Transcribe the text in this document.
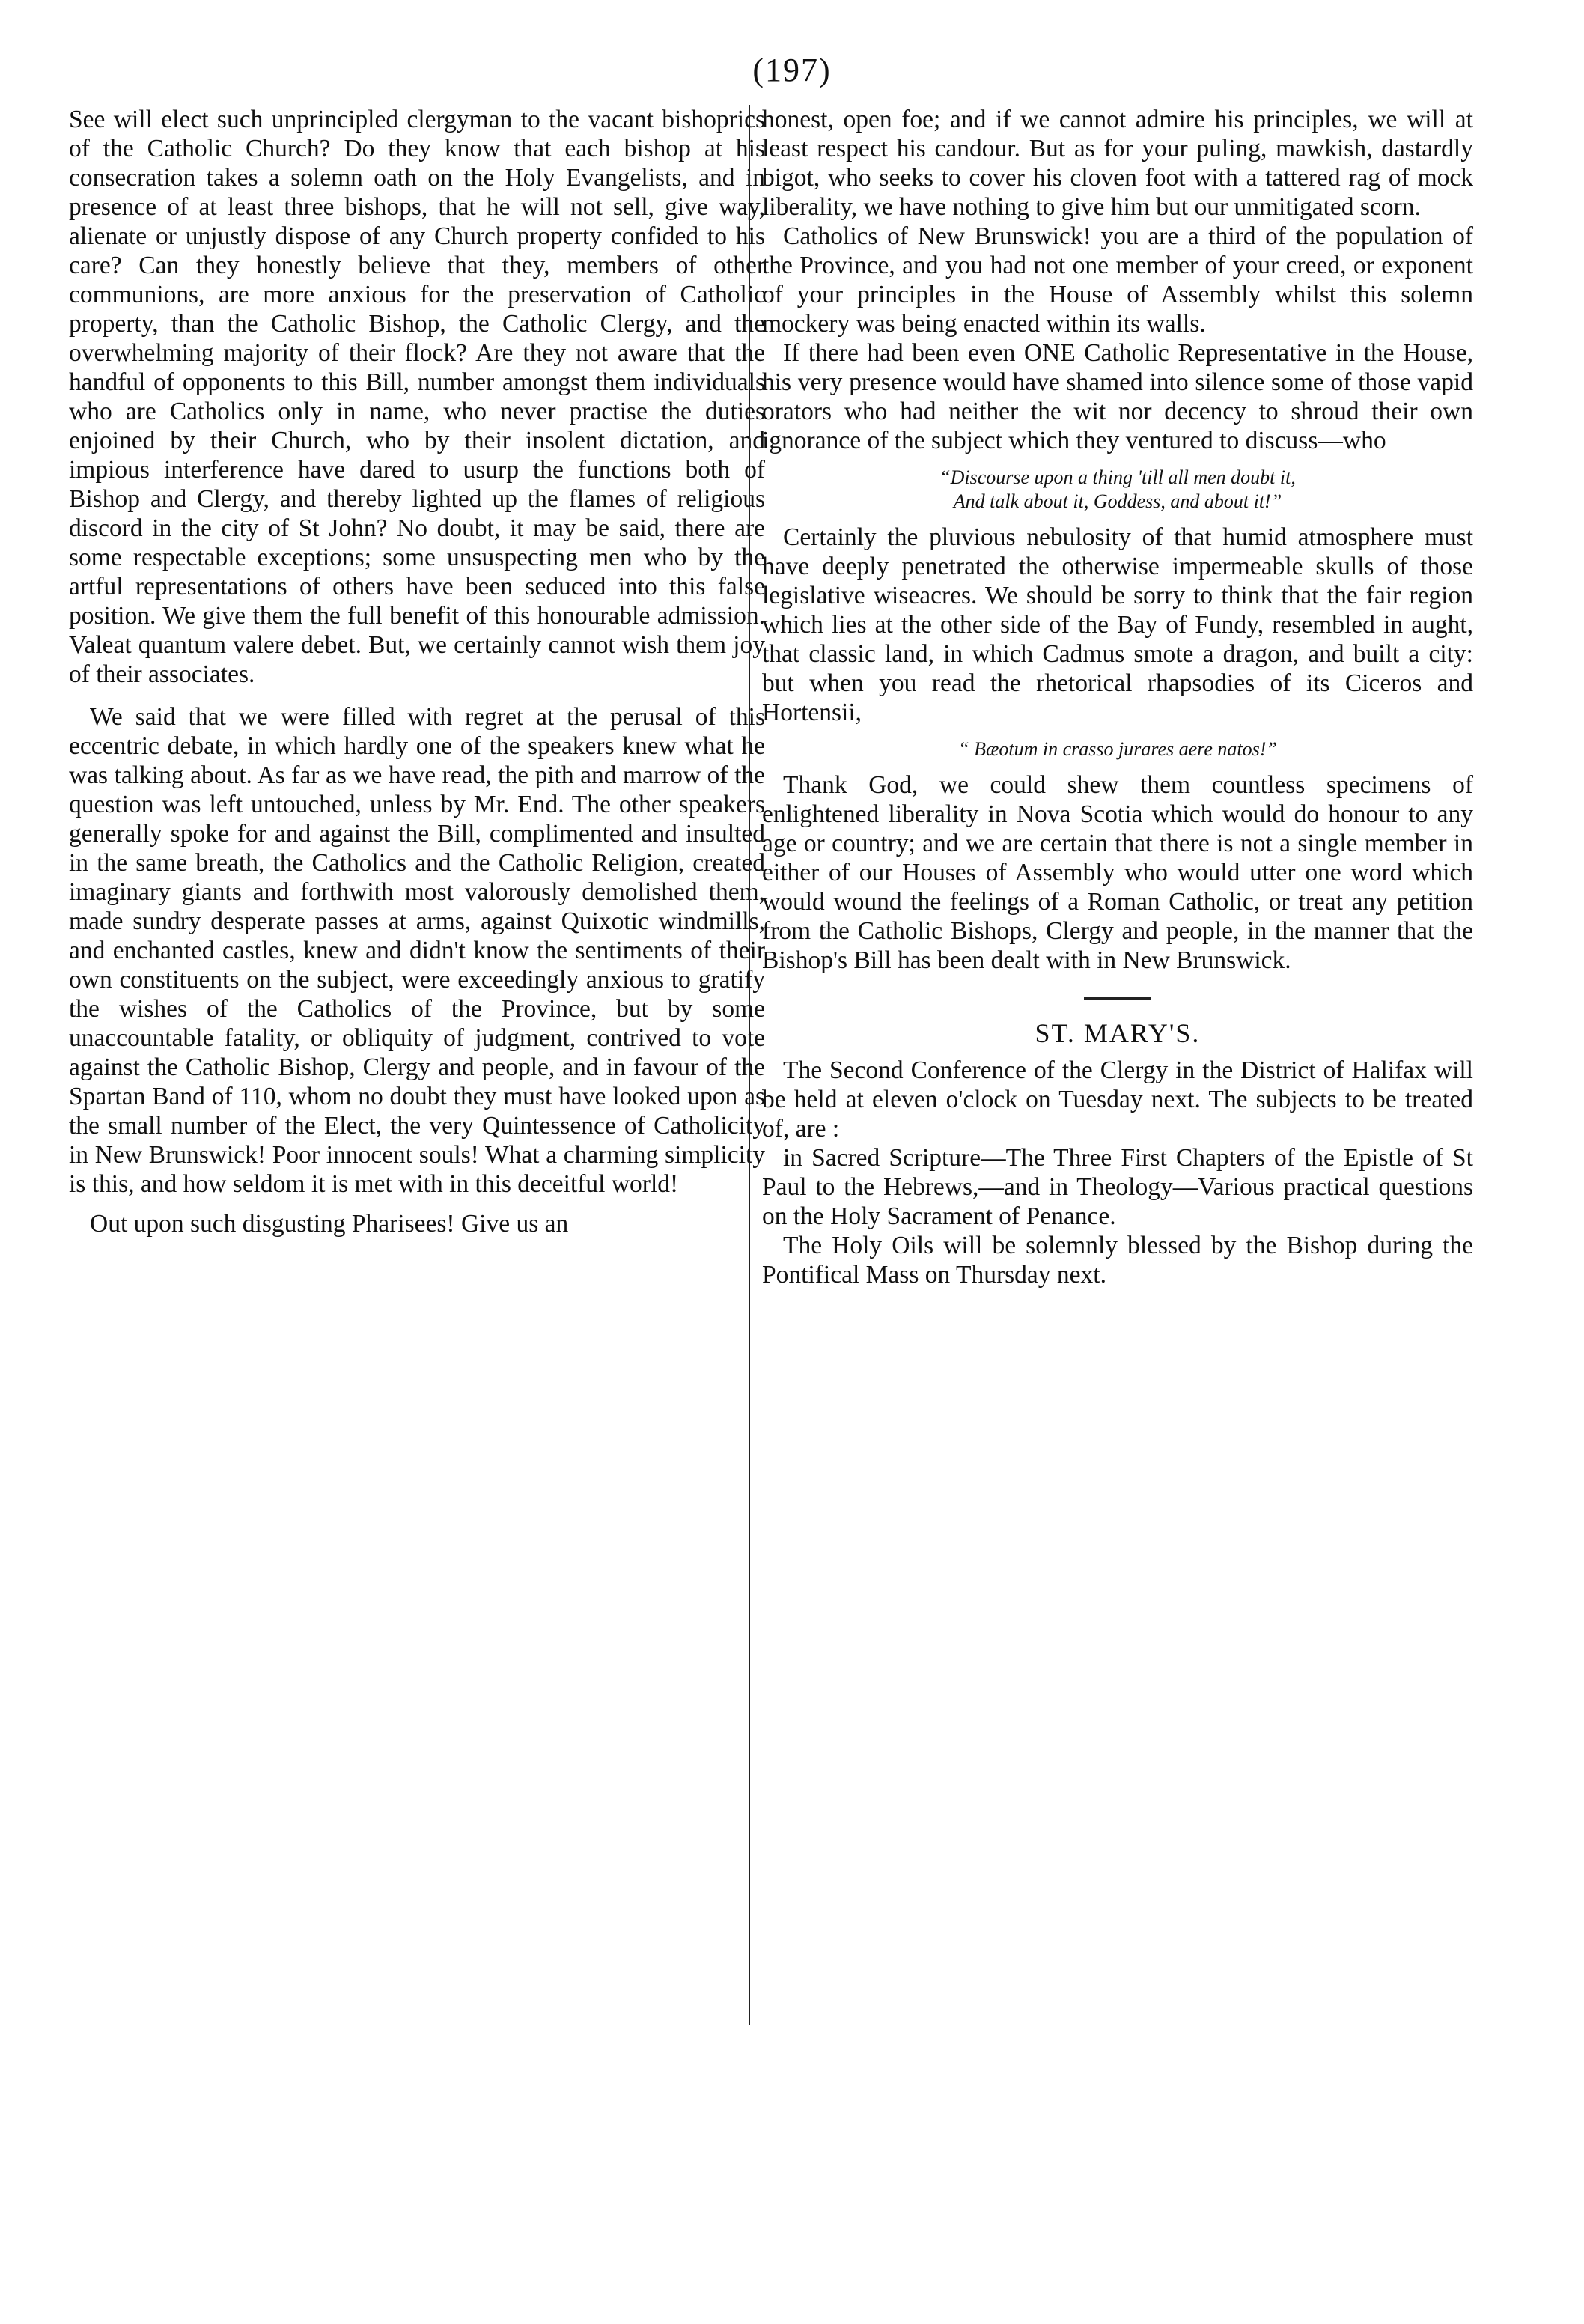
(197)

See will elect such unprincipled clergyman to the vacant bishoprics of the Catholic Church? Do they know that each bishop at his consecration takes a solemn oath on the Holy Evangelists, and in presence of at least three bishops, that he will not sell, give way, alienate or unjustly dispose of any Church property confided to his care? Can they honestly believe that they, members of other communions, are more anxious for the preservation of Catholic property, than the Catholic Bishop, the Catholic Clergy, and the overwhelming majority of their flock? Are they not aware that the handful of opponents to this Bill, number amongst them individuals who are Catholics only in name, who never practise the duties enjoined by their Church, who by their insolent dictation, and impious interference have dared to usurp the functions both of Bishop and Clergy, and thereby lighted up the flames of religious discord in the city of St John? No doubt, it may be said, there are some respectable exceptions; some unsuspecting men who by the artful representations of others have been seduced into this false position. We give them the full benefit of this honourable admission. Valeat quantum valere debet. But, we certainly cannot wish them joy of their associates.

We said that we were filled with regret at the perusal of this eccentric debate, in which hardly one of the speakers knew what he was talking about. As far as we have read, the pith and marrow of the question was left untouched, unless by Mr. End. The other speakers generally spoke for and against the Bill, complimented and insulted in the same breath, the Catholics and the Catholic Religion, created imaginary giants and forthwith most valorously demolished them, made sundry desperate passes at arms, against Quixotic windmills, and enchanted castles, knew and didn't know the sentiments of their own constituents on the subject, were exceedingly anxious to gratify the wishes of the Catholics of the Province, but by some unaccountable fatality, or obliquity of judgment, contrived to vote against the Catholic Bishop, Clergy and people, and in favour of the Spartan Band of 110, whom no doubt they must have looked upon as the small number of the Elect, the very Quintessence of Catholicity in New Brunswick! Poor innocent souls! What a charming simplicity is this, and how seldom it is met with in this deceitful world!

Out upon such disgusting Pharisees! Give us an

honest, open foe; and if we cannot admire his principles, we will at least respect his candour. But as for your puling, mawkish, dastardly bigot, who seeks to cover his cloven foot with a tattered rag of mock liberality, we have nothing to give him but our unmitigated scorn.

Catholics of New Brunswick! you are a third of the population of the Province, and you had not one member of your creed, or exponent of your principles in the House of Assembly whilst this solemn mockery was being enacted within its walls.

If there had been even ONE Catholic Representative in the House, his very presence would have shamed into silence some of those vapid orators who had neither the wit nor decency to shroud their own ignorance of the subject which they ventured to discuss—who

“Discourse upon a thing 'till all men doubt it,
And talk about it, Goddess, and about it!”

Certainly the pluvious nebulosity of that humid atmosphere must have deeply penetrated the otherwise impermeable skulls of those legislative wiseacres. We should be sorry to think that the fair region which lies at the other side of the Bay of Fundy, resembled in aught, that classic land, in which Cadmus smote a dragon, and built a city: but when you read the rhetorical rhapsodies of its Ciceros and Hortensii,

“ Bæotum in crasso jurares aere natos!”

Thank God, we could shew them countless specimens of enlightened liberality in Nova Scotia which would do honour to any age or country; and we are certain that there is not a single member in either of our Houses of Assembly who would utter one word which would wound the feelings of a Roman Catholic, or treat any petition from the Catholic Bishops, Clergy and people, in the manner that the Bishop's Bill has been dealt with in New Brunswick.

ST. MARY'S.

The Second Conference of the Clergy in the District of Halifax will be held at eleven o'clock on Tuesday next. The subjects to be treated of, are :

in Sacred Scripture—The Three First Chapters of the Epistle of St Paul to the Hebrews,—and in Theology—Various practical questions on the Holy Sacrament of Penance.

The Holy Oils will be solemnly blessed by the Bishop during the Pontifical Mass on Thursday next.
